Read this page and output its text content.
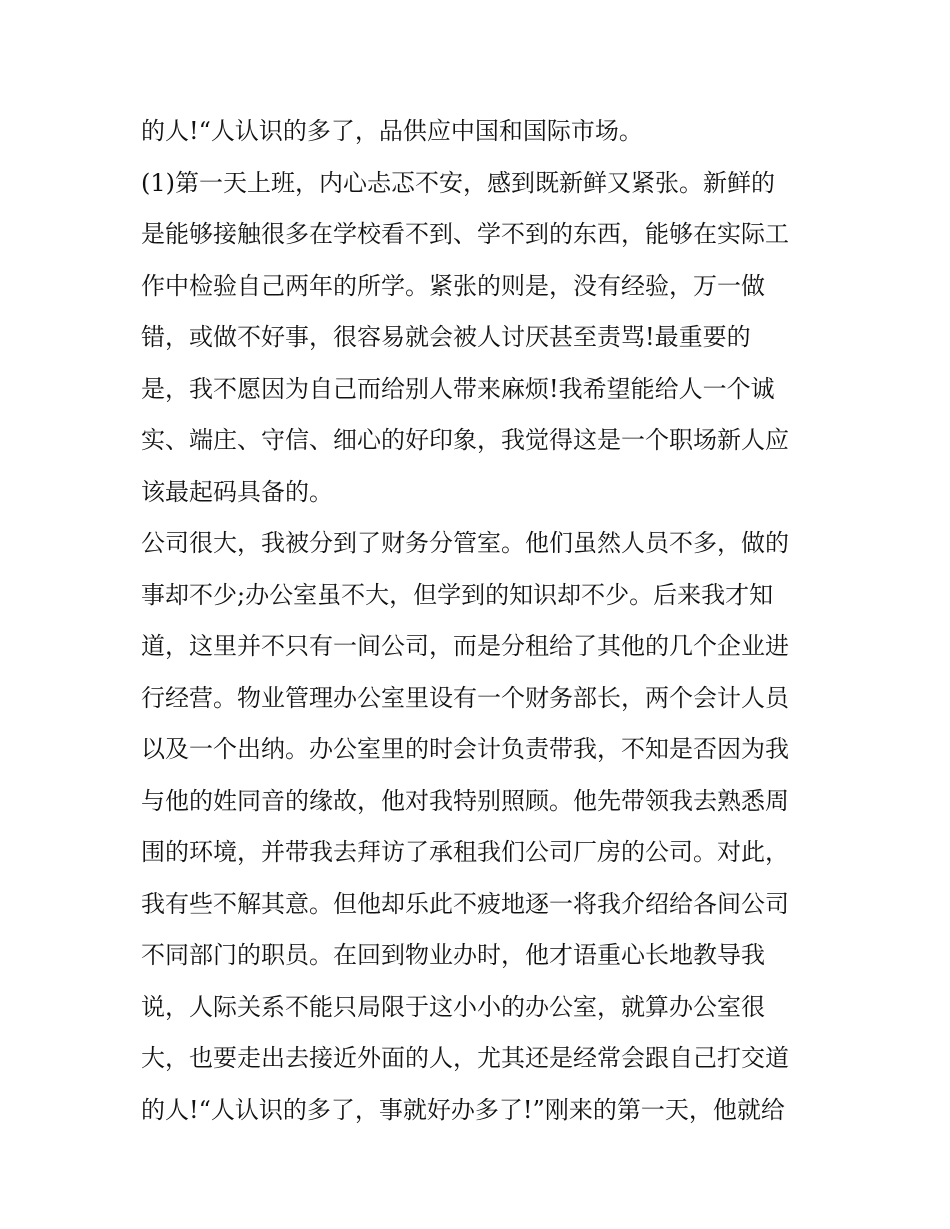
的人!“人认识的多了，品供应中国和国际市场。
(1)第一天上班，内心忐忑不安，感到既新鲜又紧张。新鲜的
是能够接触很多在学校看不到、学不到的东西，能够在实际工
作中检验自己两年的所学。紧张的则是，没有经验，万一做
错，或做不好事，很容易就会被人讨厌甚至责骂!最重要的
是，我不愿因为自己而给别人带来麻烦!我希望能给人一个诚
实、端庄、守信、细心的好印象，我觉得这是一个职场新人应
该最起码具备的。
公司很大，我被分到了财务分管室。他们虽然人员不多，做的
事却不少;办公室虽不大，但学到的知识却不少。后来我才知
道，这里并不只有一间公司，而是分租给了其他的几个企业进
行经营。物业管理办公室里设有一个财务部长，两个会计人员
以及一个出纳。办公室里的时会计负责带我，不知是否因为我
与他的姓同音的缘故，他对我特别照顾。他先带领我去熟悉周
围的环境，并带我去拜访了承租我们公司厂房的公司。对此，
我有些不解其意。但他却乐此不疲地逐一将我介绍给各间公司
不同部门的职员。在回到物业办时，他才语重心长地教导我
说，人际关系不能只局限于这小小的办公室，就算办公室很
大，也要走出去接近外面的人，尤其还是经常会跟自己打交道
的人!“人认识的多了，事就好办多了!”刚来的第一天，他就给
